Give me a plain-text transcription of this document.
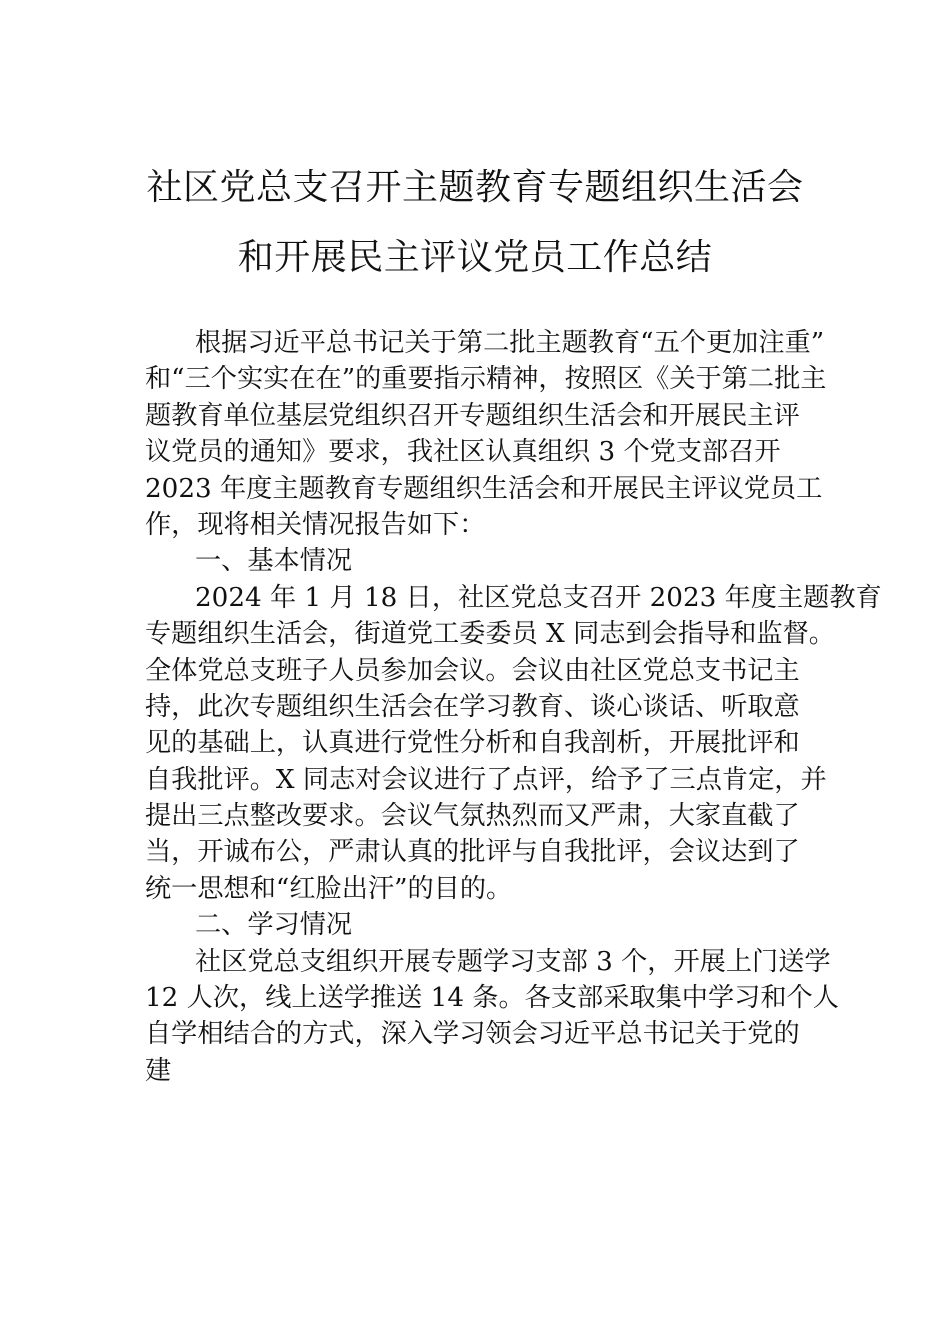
社区党总支召开主题教育专题组织生活会
和开展民主评议党员工作总结
根据习近平总书记关于第二批主题教育“五个更加注重”
和“三个实实在在”的重要指示精神，按照区《关于第二批主
题教育单位基层党组织召开专题组织生活会和开展民主评
议党员的通知》要求，我社区认真组织 3 个党支部召开
2023 年度主题教育专题组织生活会和开展民主评议党员工
作，现将相关情况报告如下：
一、基本情况
2024 年 1 月 18 日，社区党总支召开 2023 年度主题教育
专题组织生活会，街道党工委委员 X 同志到会指导和监督。
全体党总支班子人员参加会议。会议由社区党总支书记主
持，此次专题组织生活会在学习教育、谈心谈话、听取意
见的基础上，认真进行党性分析和自我剖析，开展批评和
自我批评。X 同志对会议进行了点评，给予了三点肯定，并
提出三点整改要求。会议气氛热烈而又严肃，大家直截了
当，开诚布公，严肃认真的批评与自我批评，会议达到了
统一思想和“红脸出汗”的目的。
二、学习情况
社区党总支组织开展专题学习支部 3 个，开展上门送学
12 人次，线上送学推送 14 条。各支部采取集中学习和个人
自学相结合的方式，深入学习领会习近平总书记关于党的
建
